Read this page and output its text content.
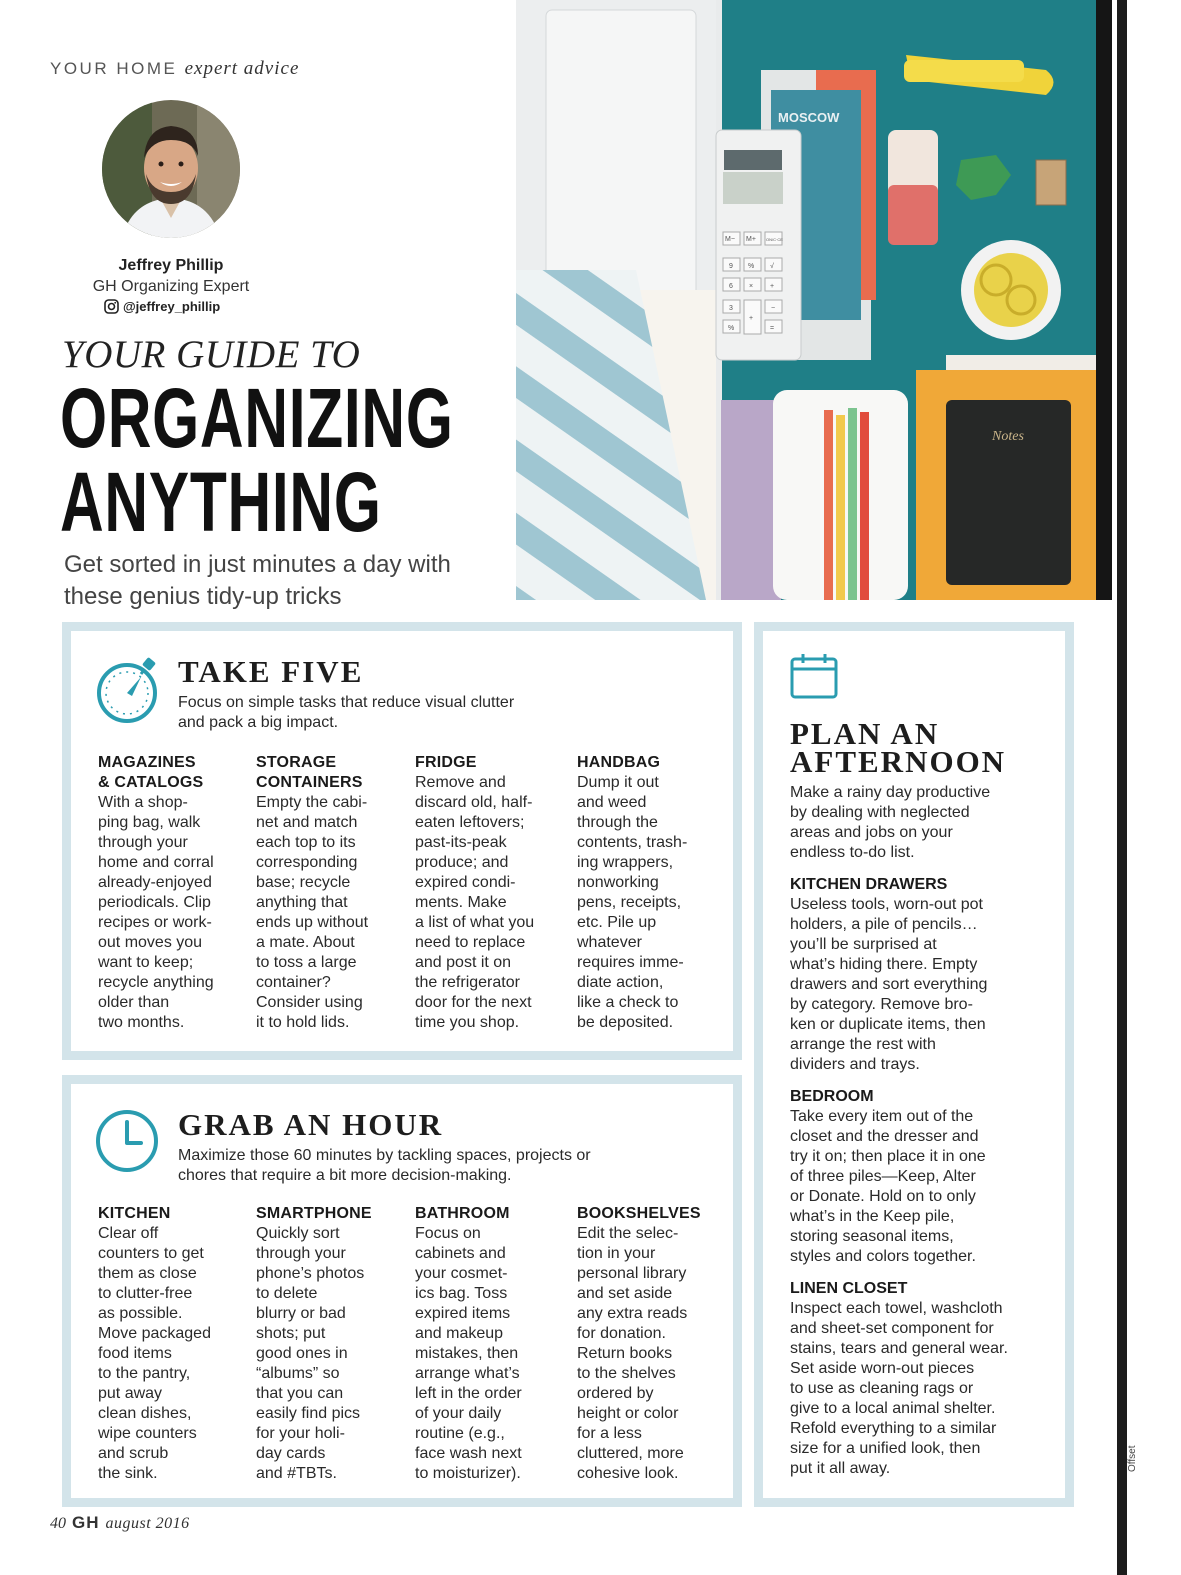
YOUR HOME expert advice
Jeffrey Phillip
GH Organizing Expert
@jeffrey_phillip
YOUR GUIDE TO
ORGANIZING
ANYTHING
Get sorted in just minutes a day with these genius tidy-up tricks
MOSCOW
M− M+	ON/C·CE
9 % √
6 × +
3
+
−
%	=
Notes
TAKE FIVE
Focus on simple tasks that reduce visual clutter and pack a big impact.
MAGAZINES
& CATALOGS
With a shop-
ping bag, walk
through your
home and corral
already-enjoyed
periodicals. Clip
recipes or work-
out moves you
want to keep;
recycle anything
older than
two months.
STORAGE
CONTAINERS
Empty the cabi-
net and match
each top to its
corresponding
base; recycle
anything that
ends up without
a mate. About
to toss a large
container?
Consider using
it to hold lids.
FRIDGE
Remove and
discard old, half-
eaten leftovers;
past-its-peak
produce; and
expired condi-
ments. Make
a list of what you
need to replace
and post it on
the refrigerator
door for the next
time you shop.
HANDBAG
Dump it out
and weed
through the
contents, trash-
ing wrappers,
nonworking
pens, receipts,
etc. Pile up
whatever
requires imme-
diate action,
like a check to
be deposited.
GRAB AN HOUR
Maximize those 60 minutes by tackling spaces, projects or chores that require a bit more decision-making.
KITCHEN
Clear off
counters to get
them as close
to clutter-free
as possible.
Move packaged
food items
to the pantry,
put away
clean dishes,
wipe counters
and scrub
the sink.
SMARTPHONE
Quickly sort
through your
phone’s photos
to delete
blurry or bad
shots; put
good ones in
“albums” so
that you can
easily find pics
for your holi-
day cards
and #TBTs.
BATHROOM
Focus on
cabinets and
your cosmet-
ics bag. Toss
expired items
and makeup
mistakes, then
arrange what’s
left in the order
of your daily
routine (e.g.,
face wash next
to moisturizer).
BOOKSHELVES
Edit the selec-
tion in your
personal library
and set aside
any extra reads
for donation.
Return books
to the shelves
ordered by
height or color
for a less
cluttered, more
cohesive look.
PLAN AN
AFTERNOON
Make a rainy day productive
by dealing with neglected
areas and jobs on your
endless to-do list.
KITCHEN DRAWERS
Useless tools, worn-out pot
holders, a pile of pencils…
you’ll be surprised at
what’s hiding there. Empty
drawers and sort everything
by category. Remove bro-
ken or duplicate items, then
arrange the rest with
dividers and trays.
BEDROOM
Take every item out of the
closet and the dresser and
try it on; then place it in one
of three piles—Keep, Alter
or Donate. Hold on to only
what’s in the Keep pile,
storing seasonal items,
styles and colors together.
LINEN CLOSET
Inspect each towel, washcloth
and sheet-set component for
stains, tears and general wear.
Set aside worn-out pieces
to use as cleaning rags or
give to a local animal shelter.
Refold everything to a similar
size for a unified look, then
put it all away.
40 GH august 2016
Offset
